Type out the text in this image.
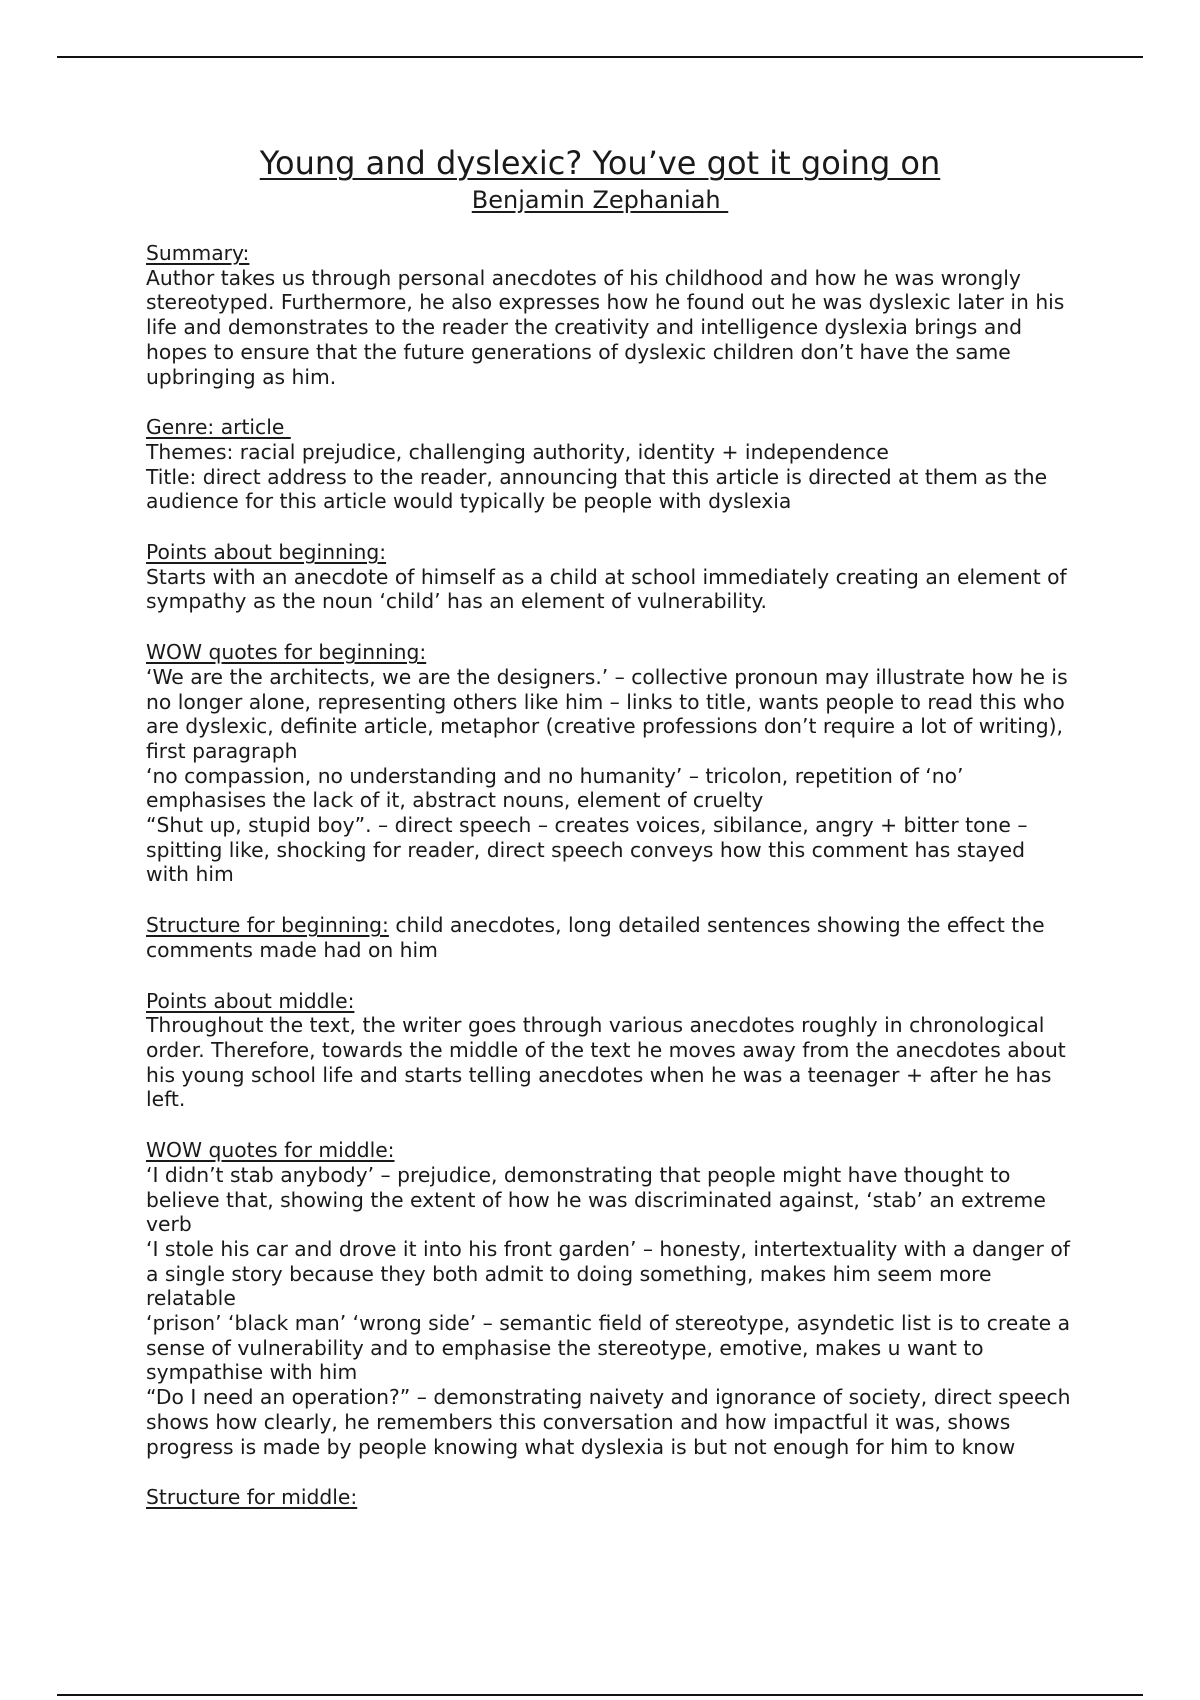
Young and dyslexic? You’ve got it going on
Benjamin Zephaniah
Summary:

Author takes us through personal anecdotes of his childhood and how he was wrongly stereotyped. Furthermore, he also expresses how he found out he was dyslexic later in his life and demonstrates to the reader the creativity and intelligence dyslexia brings and hopes to ensure that the future generations of dyslexic children don’t have the same upbringing as him.

Genre: article

Themes: racial prejudice, challenging authority, identity + independence

Title: direct address to the reader, announcing that this article is directed at them as the audience for this article would typically be people with dyslexia

Points about beginning:

Starts with an anecdote of himself as a child at school immediately creating an element of sympathy as the noun ‘child’ has an element of vulnerability.

WOW quotes for beginning:

‘We are the architects, we are the designers.’ – collective pronoun may illustrate how he is no longer alone, representing others like him – links to title, wants people to read this who are dyslexic, definite article, metaphor (creative professions don’t require a lot of writing), first paragraph

‘no compassion, no understanding and no humanity’ – tricolon, repetition of ‘no’ emphasises the lack of it, abstract nouns, element of cruelty

“Shut up, stupid boy”. – direct speech – creates voices, sibilance, angry + bitter tone – spitting like, shocking for reader, direct speech conveys how this comment has stayed with him

Structure for beginning: child anecdotes, long detailed sentences showing the effect the comments made had on him

Points about middle:

Throughout the text, the writer goes through various anecdotes roughly in chronological order. Therefore, towards the middle of the text he moves away from the anecdotes about his young school life and starts telling anecdotes when he was a teenager + after he has left.

WOW quotes for middle:

‘I didn’t stab anybody’ – prejudice, demonstrating that people might have thought to believe that, showing the extent of how he was discriminated against, ‘stab’ an extreme verb

‘I stole his car and drove it into his front garden’ – honesty, intertextuality with a danger of a single story because they both admit to doing something, makes him seem more relatable

‘prison’ ‘black man’ ‘wrong side’ – semantic field of stereotype, asyndetic list is to create a sense of vulnerability and to emphasise the stereotype, emotive, makes u want to sympathise with him

“Do I need an operation?” – demonstrating naivety and ignorance of society, direct speech shows how clearly, he remembers this conversation and how impactful it was, shows progress is made by people knowing what dyslexia is but not enough for him to know

Structure for middle:
